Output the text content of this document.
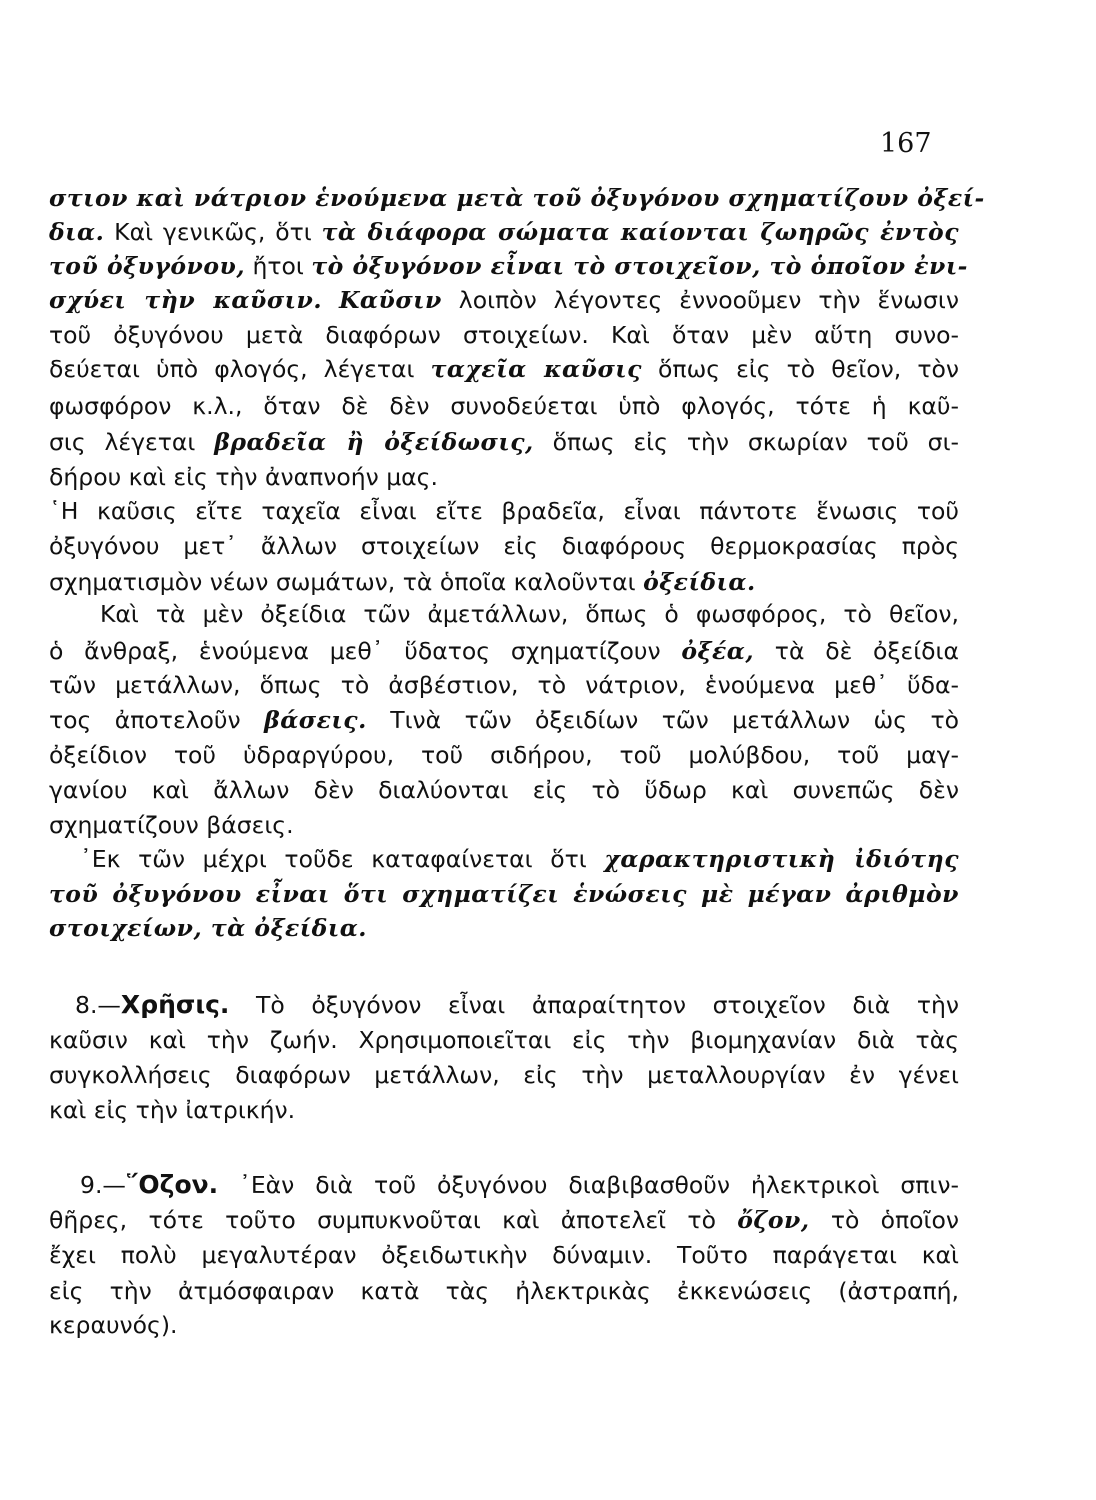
167
στιον καὶ νάτριον ἑνούμενα μετὰ τοῦ ὀξυγόνου σχηματίζουν ὀξεί-
δια. Καὶ γενικῶς, ὅτι τὰ διάφορα σώματα καίονται ζωηρῶς ἐντὸς
τοῦ ὀξυγόνου, ἤτοι τὸ ὀξυγόνον εἶναι τὸ στοιχεῖον, τὸ ὁποῖον ἐνι-
σχύει τὴν καῦσιν. Καῦσιν λοιπὸν λέγοντες ἐννοοῦμεν τὴν ἕνωσιν
τοῦ ὀξυγόνου μετὰ διαφόρων στοιχείων. Καὶ ὅταν μὲν αὕτη συνο-
δεύεται ὑπὸ φλογός, λέγεται ταχεῖα καῦσις ὅπως εἰς τὸ θεῖον, τὸν
φωσφόρον κ.λ., ὅταν δὲ δὲν συνοδεύεται ὑπὸ φλογός, τότε ἡ καῦ-
σις λέγεται βραδεῖα ἢ ὀξείδωσις, ὅπως εἰς τὴν σκωρίαν τοῦ σι-
δήρου καὶ εἰς τὴν ἀναπνοήν μας.
῾Η καῦσις εἴτε ταχεῖα εἶναι εἴτε βραδεῖα, εἶναι πάντοτε ἕνωσις τοῦ
ὀξυγόνου μετ᾽ ἄλλων στοιχείων εἰς διαφόρους θερμοκρασίας πρὸς
σχηματισμὸν νέων σωμάτων, τὰ ὁποῖα καλοῦνται ὀξείδια.
Καὶ τὰ μὲν ὀξείδια τῶν ἀμετάλλων, ὅπως ὁ φωσφόρος, τὸ θεῖον,
ὁ ἄνθραξ, ἑνούμενα μεθ᾽ ὕδατος σχηματίζουν ὀξέα, τὰ δὲ ὀξείδια
τῶν μετάλλων, ὅπως τὸ ἀσβέστιον, τὸ νάτριον, ἑνούμενα μεθ᾽ ὕδα-
τος ἀποτελοῦν βάσεις. Τινὰ τῶν ὀξειδίων τῶν μετάλλων ὡς τὸ
ὀξείδιον τοῦ ὑδραργύρου, τοῦ σιδήρου, τοῦ μολύβδου, τοῦ μαγ-
γανίου καὶ ἄλλων δὲν διαλύονται εἰς τὸ ὕδωρ καὶ συνεπῶς δὲν
σχηματίζουν βάσεις.
᾽Εκ τῶν μέχρι τοῦδε καταφαίνεται ὅτι χαρακτηριστικὴ ἰδιότης
τοῦ ὀξυγόνου εἶναι ὅτι σχηματίζει ἑνώσεις μὲ μέγαν ἀριθμὸν
στοιχείων, τὰ ὀξείδια.
8.—Χρῆσις. Τὸ ὀξυγόνον εἶναι ἀπαραίτητον στοιχεῖον διὰ τὴν
καῦσιν καὶ τὴν ζωήν. Χρησιμοποιεῖται εἰς τὴν βιομηχανίαν διὰ τὰς
συγκολλήσεις διαφόρων μετάλλων, εἰς τὴν μεταλλουργίαν ἐν γένει
καὶ εἰς τὴν ἰατρικήν.
9.—῞Οζον. ᾽Εὰν διὰ τοῦ ὀξυγόνου διαβιβασθοῦν ἠλεκτρικοὶ σπιν-
θῆρες, τότε τοῦτο συμπυκνοῦται καὶ ἀποτελεῖ τὸ ὄζον, τὸ ὁποῖον
ἔχει πολὺ μεγαλυτέραν ὀξειδωτικὴν δύναμιν. Τοῦτο παράγεται καὶ
εἰς τὴν ἀτμόσφαιραν κατὰ τὰς ἠλεκτρικὰς ἐκκενώσεις (ἀστραπή,
κεραυνός).
